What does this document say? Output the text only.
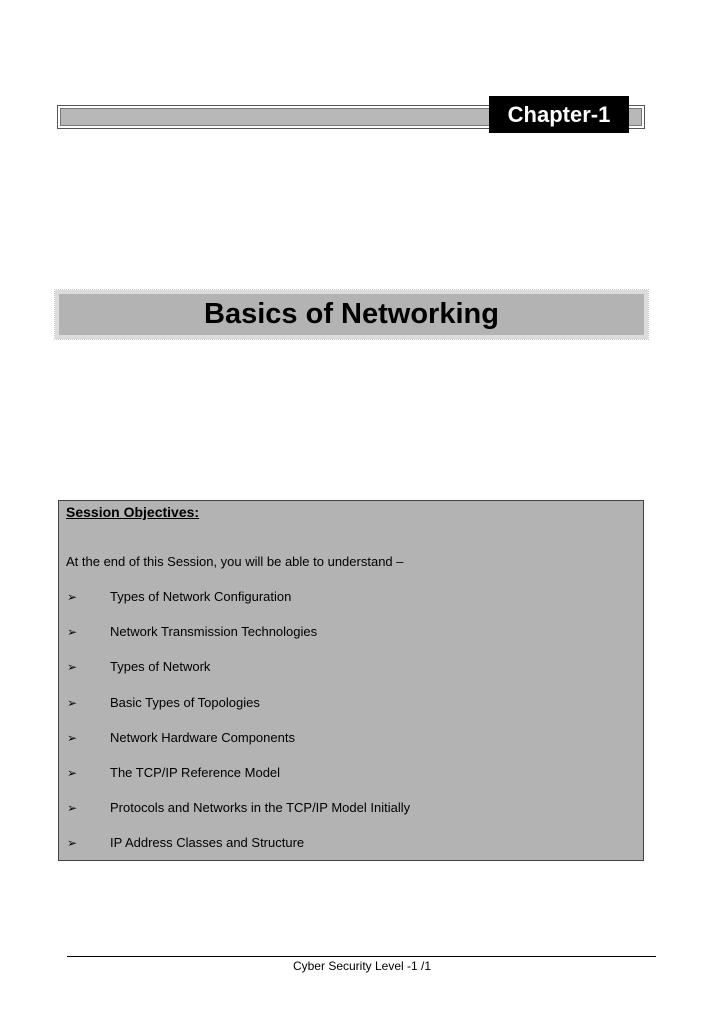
Chapter-1
Basics of Networking
Session Objectives:
At the end of this Session, you will be able to understand –
➢	Types of Network Configuration
➢	Network Transmission Technologies
➢	Types of Network
➢	Basic Types of Topologies
➢	Network Hardware Components
➢	The TCP/IP Reference Model
➢	Protocols and Networks in the TCP/IP Model Initially
➢	IP Address Classes and Structure
Cyber Security Level -1 /1
